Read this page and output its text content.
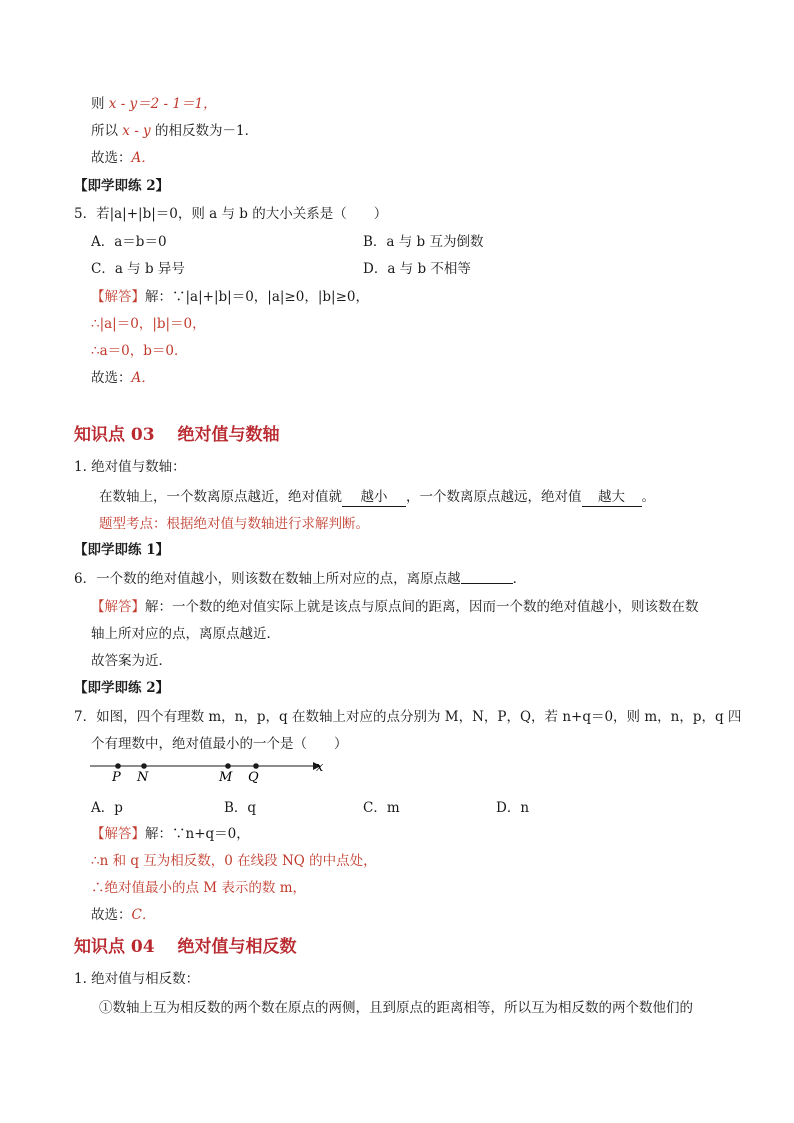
则 x - y＝2 - 1＝1，
所以 x - y 的相反数为－1．
故选：A．
【即学即练 2】
5．若|a|+|b|＝0，则 a 与 b 的大小关系是（　　）
A．a＝b＝0	B．a 与 b 互为倒数
C．a 与 b 异号	D．a 与 b 不相等
【解答】解：∵|a|+|b|＝0，|a|≥0，|b|≥0，
∴|a|＝0，|b|＝0，
∴a＝0，b＝0．
故选：A．
知识点 03　 绝对值与数轴
1. 绝对值与数轴：
在数轴上，一个数离原点越近，绝对值就 越小 ，一个数离原点越远，绝对值 越大 。
题型考点：根据绝对值与数轴进行求解判断。
【即学即练 1】
6．一个数的绝对值越小，则该数在数轴上所对应的点，离原点越	．
【解答】解：一个数的绝对值实际上就是该点与原点间的距离，因而一个数的绝对值越小，则该数在数
轴上所对应的点，离原点越近．
故答案为近．
【即学即练 2】
7．如图，四个有理数 m，n，p，q 在数轴上对应的点分别为 M，N，P，Q，若 n+q＝0，则 m，n，p，q 四
个有理数中，绝对值最小的一个是（　　）
P N	M Q
x
A．p	B．q	C．m	D．n
【解答】解：∵n+q＝0，
∴n 和 q 互为相反数，0 在线段 NQ 的中点处，
∴绝对值最小的点 M 表示的数 m，
故选：C．
知识点 04　 绝对值与相反数
1. 绝对值与相反数：
①数轴上互为相反数的两个数在原点的两侧，且到原点的距离相等，所以互为相反数的两个数他们的
